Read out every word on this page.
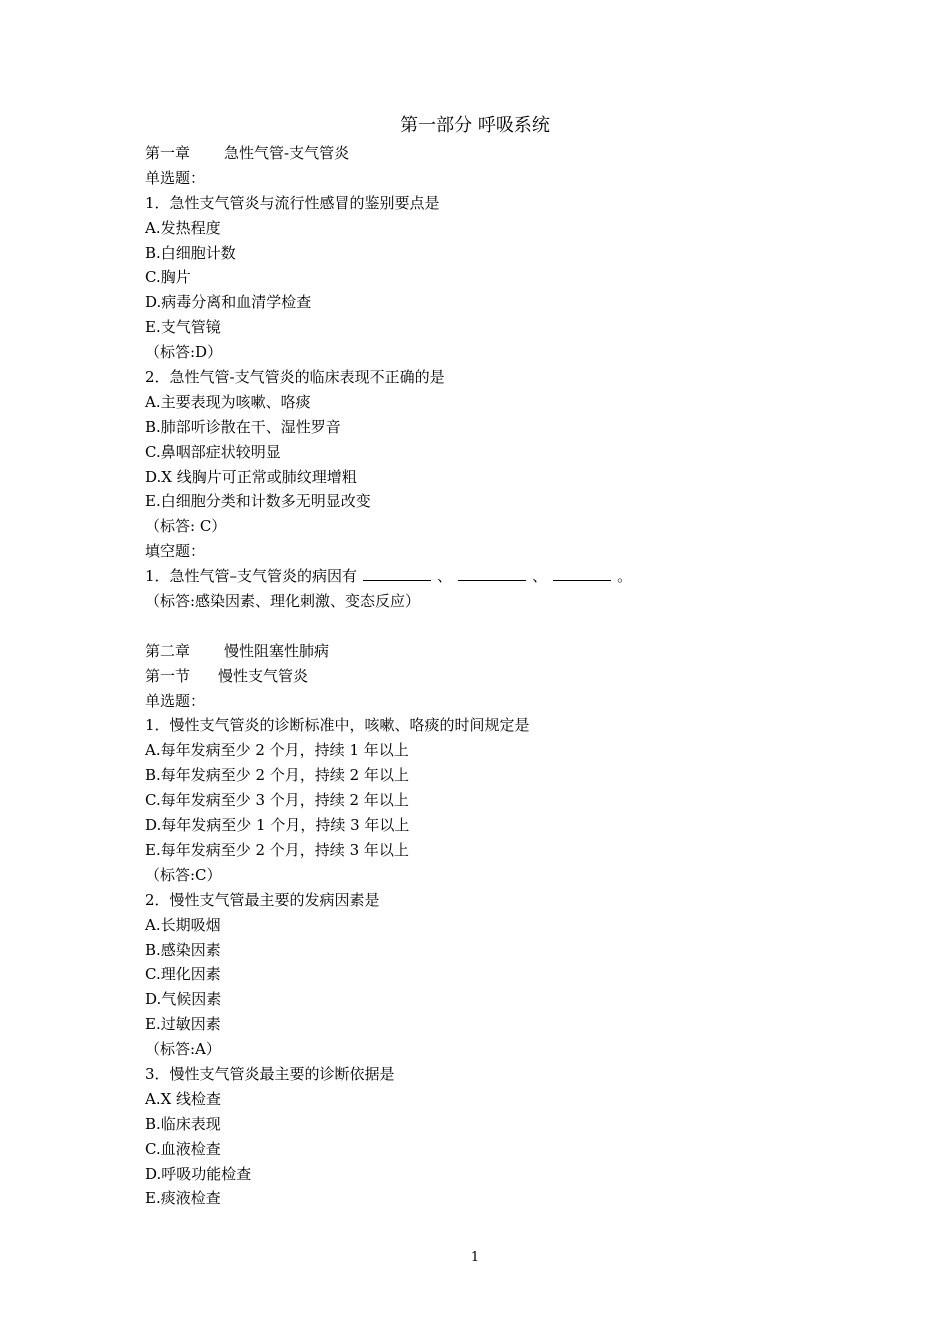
第一部分 呼吸系统
第一章 急性气管-支气管炎
单选题：
1．急性支气管炎与流行性感冒的鉴别要点是
A.发热程度
B.白细胞计数
C.胸片
D.病毒分离和血清学检查
E.支气管镜
（标答:D）
2．急性气管-支气管炎的临床表现不正确的是
A.主要表现为咳嗽、咯痰
B.肺部听诊散在干、湿性罗音
C.鼻咽部症状较明显
D.X 线胸片可正常或肺纹理增粗
E.白细胞分类和计数多无明显改变
（标答: C）
填空题：
1．急性气管–支气管炎的病因有	、	、	。
（标答:感染因素、理化刺激、变态反应）
第二章 慢性阻塞性肺病
第一节 慢性支气管炎
单选题：
1．慢性支气管炎的诊断标准中，咳嗽、咯痰的时间规定是
A.每年发病至少 2 个月，持续 1 年以上
B.每年发病至少 2 个月，持续 2 年以上
C.每年发病至少 3 个月，持续 2 年以上
D.每年发病至少 1 个月，持续 3 年以上
E.每年发病至少 2 个月，持续 3 年以上
（标答:C）
2．慢性支气管最主要的发病因素是
A.长期吸烟
B.感染因素
C.理化因素
D.气候因素
E.过敏因素
（标答:A）
3．慢性支气管炎最主要的诊断依据是
A.X 线检查
B.临床表现
C.血液检查
D.呼吸功能检查
E.痰液检查
1
